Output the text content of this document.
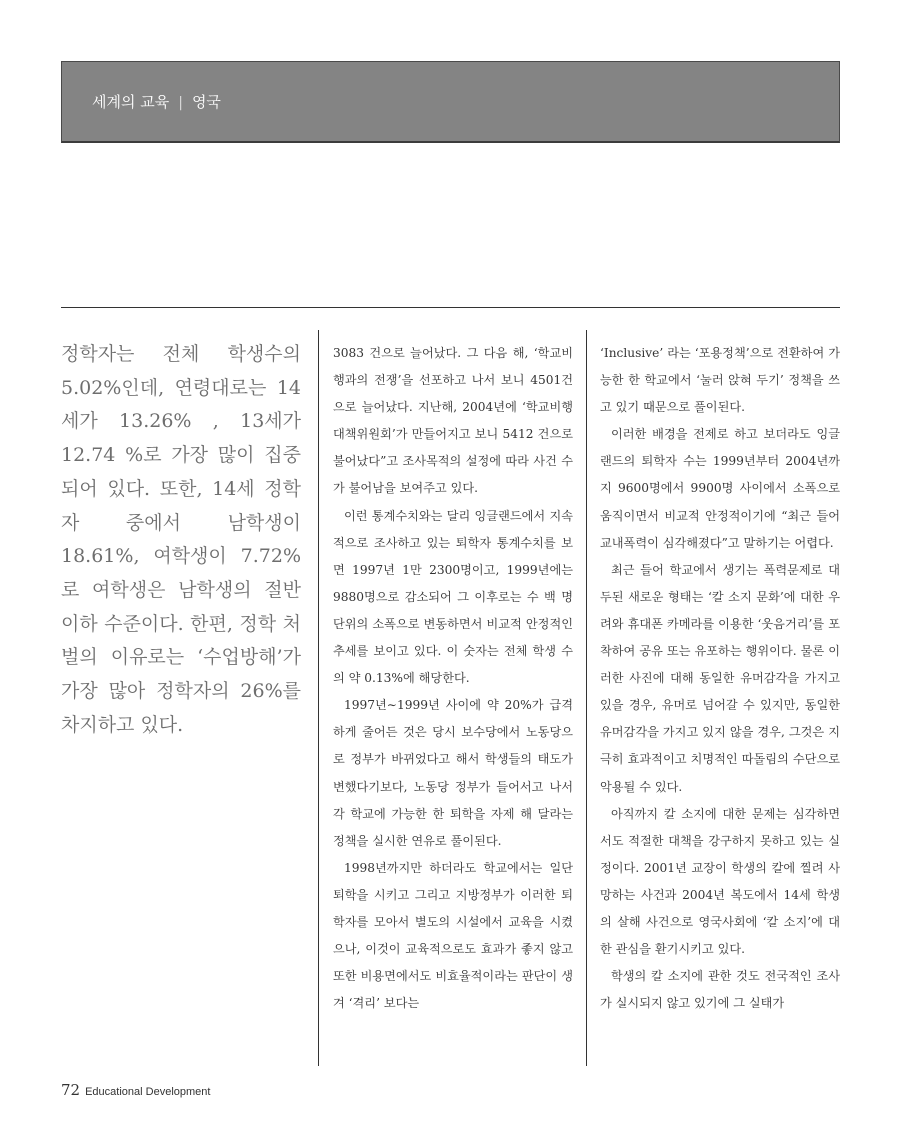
세계의 교육 | 영국

정학자는 전체 학생수의 5.02%인데, 연령대로는 14세가 13.26% , 13세가 12.74 %로 가장 많이 집중되어 있다. 또한, 14세 정학자 중에서 남학생이 18.61%, 여학생이 7.72%로 여학생은 남학생의 절반 이하 수준이다. 한편, 정학 처벌의 이유로는 ‘수업방해’가 가장 많아 정학자의 26%를 차지하고 있다.

3083 건으로 늘어났다. 그 다음 해, ‘학교비행과의 전쟁’을 선포하고 나서 보니 4501건으로 늘어났다. 지난해, 2004년에 ‘학교비행 대책위원회’가 만들어지고 보니 5412 건으로 불어났다”고 조사목적의 설정에 따라 사건 수가 불어남을 보여주고 있다.

이런 통계수치와는 달리 잉글랜드에서 지속적으로 조사하고 있는 퇴학자 통계수치를 보면 1997년 1만 2300명이고, 1999년에는 9880명으로 감소되어 그 이후로는 수 백 명 단위의 소폭으로 변동하면서 비교적 안정적인 추세를 보이고 있다. 이 숫자는 전체 학생 수의 약 0.13%에 해당한다.

1997년∼1999년 사이에 약 20%가 급격하게 줄어든 것은 당시 보수당에서 노동당으로 정부가 바뀌었다고 해서 학생들의 태도가 변했다기보다, 노동당 정부가 들어서고 나서 각 학교에 가능한 한 퇴학을 자제 해 달라는 정책을 실시한 연유로 풀이된다.

1998년까지만 하더라도 학교에서는 일단 퇴학을 시키고 그리고 지방정부가 이러한 퇴학자를 모아서 별도의 시설에서 교육을 시켰으나, 이것이 교육적으로도 효과가 좋지 않고 또한 비용면에서도 비효율적이라는 판단이 생겨 ‘격리’ 보다는

‘Inclusive’ 라는 ‘포용정책’으로 전환하여 가능한 한 학교에서 ‘눌러 앉혀 두기’ 정책을 쓰고 있기 때문으로 풀이된다.

이러한 배경을 전제로 하고 보더라도 잉글랜드의 퇴학자 수는 1999년부터 2004년까지 9600명에서 9900명 사이에서 소폭으로 움직이면서 비교적 안정적이기에 “최근 들어 교내폭력이 심각해졌다”고 말하기는 어렵다.

최근 들어 학교에서 생기는 폭력문제로 대두된 새로운 형태는 ‘칼 소지 문화’에 대한 우려와 휴대폰 카메라를 이용한 ‘웃음거리’를 포착하여 공유 또는 유포하는 행위이다. 물론 이러한 사진에 대해 동일한 유머감각을 가지고 있을 경우, 유머로 넘어갈 수 있지만, 동일한 유머감각을 가지고 있지 않을 경우, 그것은 지극히 효과적이고 치명적인 따돌림의 수단으로 악용될 수 있다.

아직까지 칼 소지에 대한 문제는 심각하면서도 적절한 대책을 강구하지 못하고 있는 실정이다. 2001년 교장이 학생의 칼에 찔려 사망하는 사건과 2004년 복도에서 14세 학생의 살해 사건으로 영국사회에 ‘칼 소지’에 대한 관심을 환기시키고 있다.

학생의 칼 소지에 관한 것도 전국적인 조사가 실시되지 않고 있기에 그 실태가

72 Educational Development
